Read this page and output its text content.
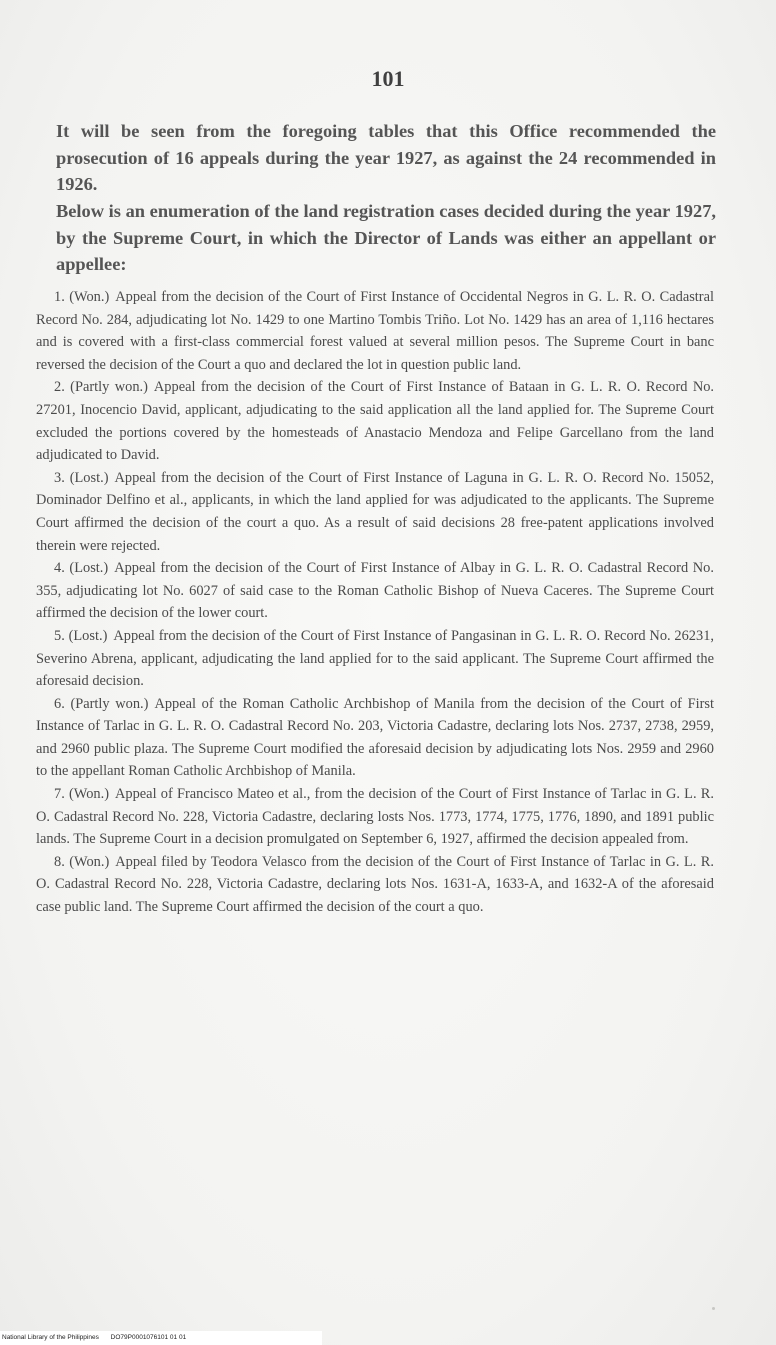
101

It will be seen from the foregoing tables that this Office recommended the prosecution of 16 appeals during the year 1927, as against the 24 recommended in 1926.

Below is an enumeration of the land registration cases decided during the year 1927, by the Supreme Court, in which the Director of Lands was either an appellant or appellee:

1. (Won.) Appeal from the decision of the Court of First Instance of Occidental Negros in G. L. R. O. Cadastral Record No. 284, adjudicating lot No. 1429 to one Martino Tombis Triño. Lot No. 1429 has an area of 1,116 hectares and is covered with a first-class commercial forest valued at several million pesos. The Supreme Court in banc reversed the decision of the Court a quo and declared the lot in question public land.

2. (Partly won.) Appeal from the decision of the Court of First Instance of Bataan in G. L. R. O. Record No. 27201, Inocencio David, applicant, adjudicating to the said application all the land applied for. The Supreme Court excluded the portions covered by the homesteads of Anastacio Mendoza and Felipe Garcellano from the land adjudicated to David.

3. (Lost.) Appeal from the decision of the Court of First Instance of Laguna in G. L. R. O. Record No. 15052, Dominador Delfino et al., applicants, in which the land applied for was adjudicated to the applicants. The Supreme Court affirmed the decision of the court a quo. As a result of said decisions 28 free-patent applications involved therein were rejected.

4. (Lost.) Appeal from the decision of the Court of First Instance of Albay in G. L. R. O. Cadastral Record No. 355, adjudicating lot No. 6027 of said case to the Roman Catholic Bishop of Nueva Caceres. The Supreme Court affirmed the decision of the lower court.

5. (Lost.) Appeal from the decision of the Court of First Instance of Pangasinan in G. L. R. O. Record No. 26231, Severino Abrena, applicant, adjudicating the land applied for to the said applicant. The Supreme Court affirmed the aforesaid decision.

6. (Partly won.) Appeal of the Roman Catholic Archbishop of Manila from the decision of the Court of First Instance of Tarlac in G. L. R. O. Cadastral Record No. 203, Victoria Cadastre, declaring lots Nos. 2737, 2738, 2959, and 2960 public plaza. The Supreme Court modified the aforesaid decision by adjudicating lots Nos. 2959 and 2960 to the appellant Roman Catholic Archbishop of Manila.

7. (Won.) Appeal of Francisco Mateo et al., from the decision of the Court of First Instance of Tarlac in G. L. R. O. Cadastral Record No. 228, Victoria Cadastre, declaring losts Nos. 1773, 1774, 1775, 1776, 1890, and 1891 public lands. The Supreme Court in a decision promulgated on September 6, 1927, affirmed the decision appealed from.

8. (Won.) Appeal filed by Teodora Velasco from the decision of the Court of First Instance of Tarlac in G. L. R. O. Cadastral Record No. 228, Victoria Cadastre, declaring lots Nos. 1631-A, 1633-A, and 1632-A of the aforesaid case public land. The Supreme Court affirmed the decision of the court a quo.

National Library of the Philippines DO79P0001076101 01 01
